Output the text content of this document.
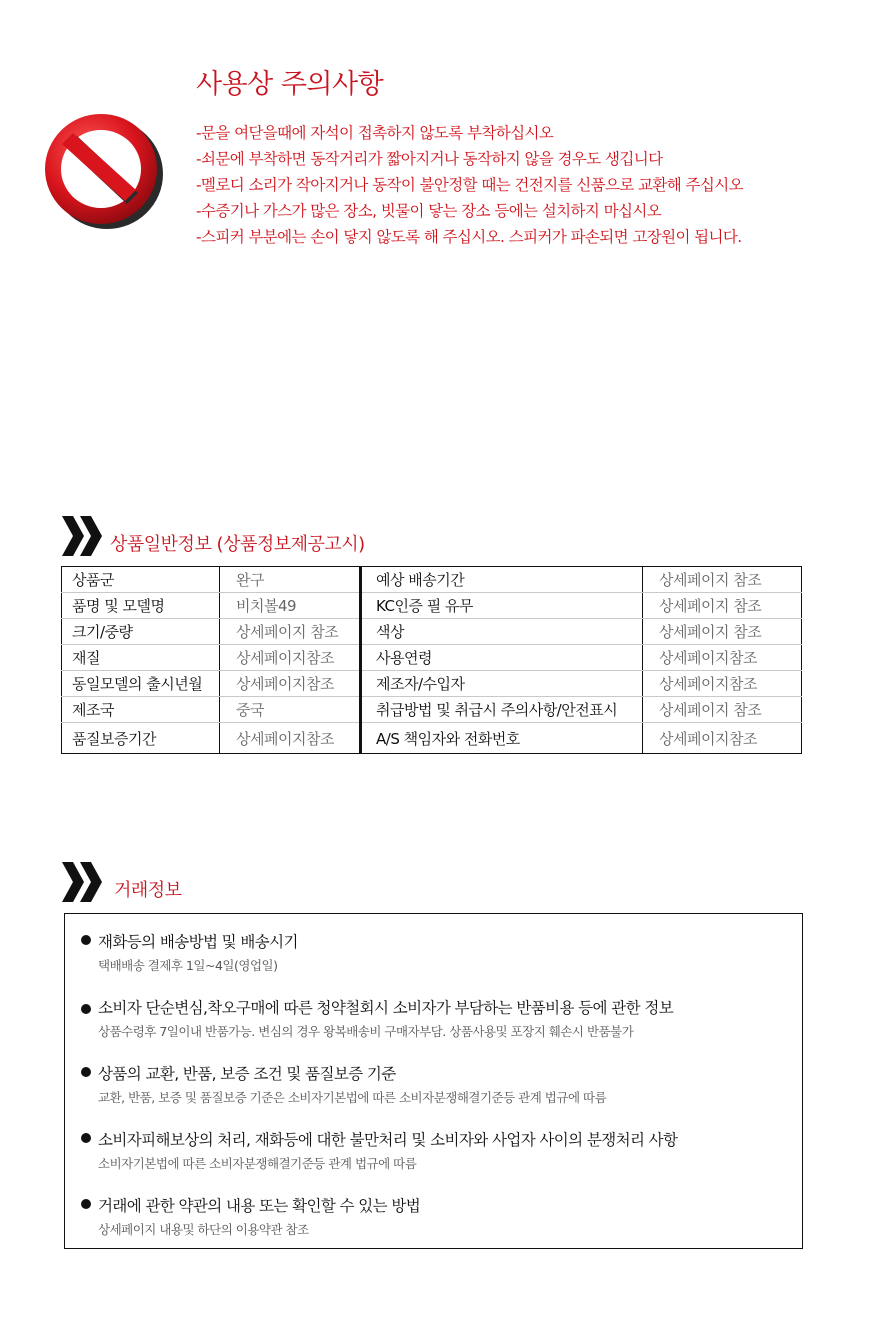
사용상 주의사항
-문을 여닫을때에 자석이 접촉하지 않도록 부착하십시오
-쇠문에 부착하면 동작거리가 짧아지거나 동작하지 않을 경우도 생깁니다
-멜로디 소리가 작아지거나 동작이 불안정할 때는 건전지를 신품으로 교환해 주십시오
-수증기나 가스가 많은 장소, 빗물이 닿는 장소 등에는 설치하지 마십시오
-스피커 부분에는 손이 닿지 않도록 해 주십시오. 스피커가 파손되면 고장원이 됩니다.
상품일반정보 (상품정보제공고시)
상품군	완구	예상 배송기간	상세페이지 참조
품명 및 모델명	비치볼49	KC인증 필 유무	상세페이지 참조
크기/중량	상세페이지 참조	색상	상세페이지 참조
재질	상세페이지참조	사용연령	상세페이지참조
동일모델의 출시년월	상세페이지참조	제조자/수입자	상세페이지참조
제조국	중국	취급방법 및 취급시 주의사항/안전표시	상세페이지 참조
품질보증기간	상세페이지참조	A/S 책임자와 전화번호	상세페이지참조
거래정보
재화등의 배송방법 및 배송시기
택배배송 결제후 1일~4일(영업일)
소비자 단순변심,착오구매에 따른 청약철회시 소비자가 부담하는 반품비용 등에 관한 정보
상품수령후 7일이내 반품가능. 변심의 경우 왕복배송비 구매자부담. 상품사용및 포장지 훼손시 반품불가
상품의 교환, 반품, 보증 조건 및 품질보증 기준
교환, 반품, 보증 및 품질보증 기준은 소비자기본법에 따른 소비자분쟁해결기준등 관계 법규에 따름
소비자피해보상의 처리, 재화등에 대한 불만처리 및 소비자와 사업자 사이의 분쟁처리 사항
소비자기본법에 따른 소비자분쟁해결기준등 관계 법규에 따름
거래에 관한 약관의 내용 또는 확인할 수 있는 방법
상세페이지 내용및 하단의 이용약관 참조
